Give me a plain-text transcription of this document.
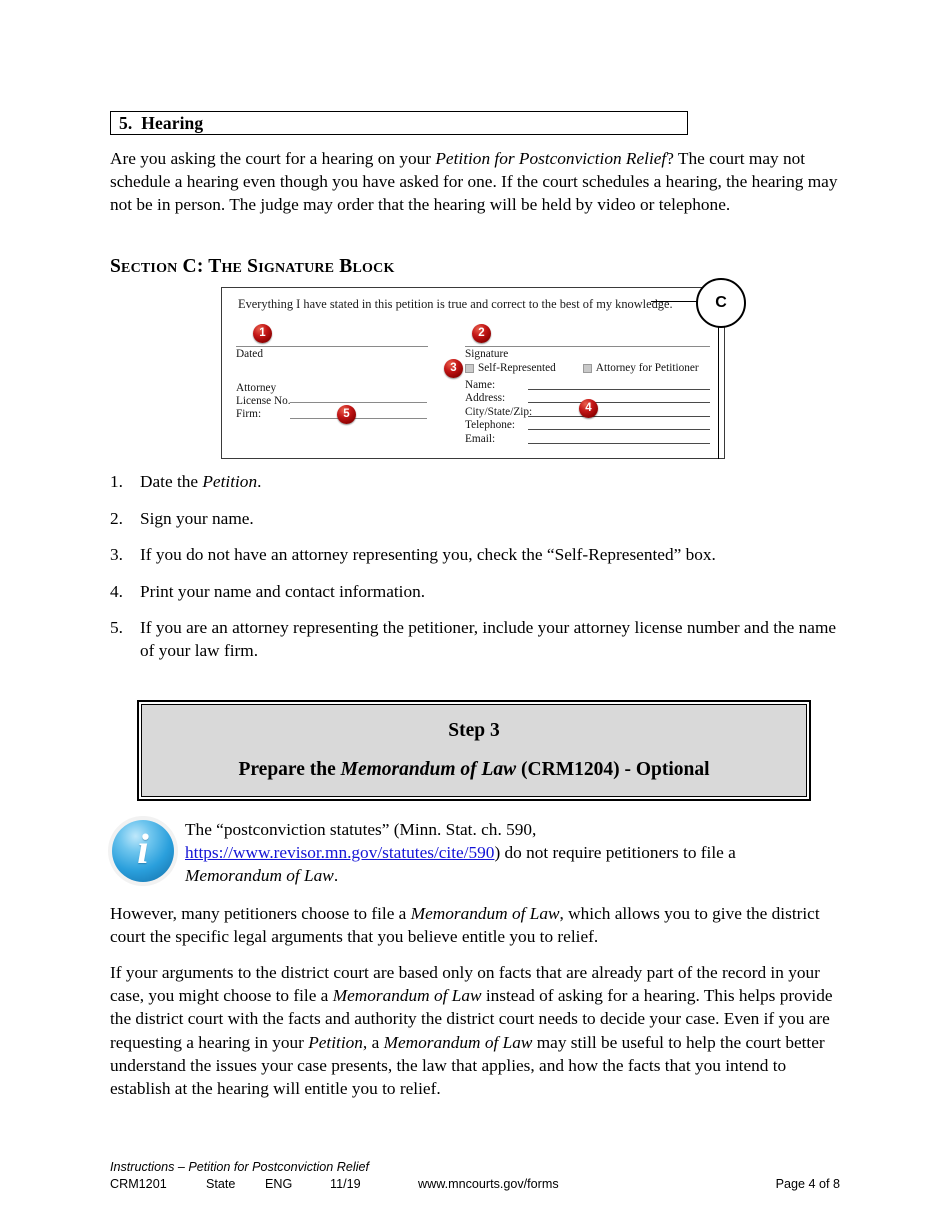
5.  Hearing
Are you asking the court for a hearing on your Petition for Postconviction Relief? The court may not schedule a hearing even though you have asked for one. If the court schedules a hearing, the hearing may not be in person. The judge may order that the hearing will be held by video or telephone.
Section C: The Signature Block
Everything I have stated in this petition is true and correct to the best of my knowledge.
1
Dated
Attorney
License No.
Firm:	5
2
Signature
3	Self-Represented	Attorney for Petitioner
Name:
Address:
City/State/Zip:
Telephone:
Email:
4
C
1. Date the Petition.
2. Sign your name.
3. If you do not have an attorney representing you, check the “Self-Represented” box.
4. Print your name and contact information.
5. If you are an attorney representing the petitioner, include your attorney license number and the name of your law firm.
Step 3
Prepare the Memorandum of Law (CRM1204) - Optional
i The “postconviction statutes” (Minn. Stat. ch. 590, https://www.revisor.mn.gov/statutes/cite/590) do not require petitioners to file a Memorandum of Law.
However, many petitioners choose to file a Memorandum of Law, which allows you to give the district court the specific legal arguments that you believe entitle you to relief.
If your arguments to the district court are based only on facts that are already part of the record in your case, you might choose to file a Memorandum of Law instead of asking for a hearing. This helps provide the district court with the facts and authority the district court needs to decide your case. Even if you are requesting a hearing in your Petition, a Memorandum of Law may still be useful to help the court better understand the issues your case presents, the law that applies, and how the facts that you intend to establish at the hearing will entitle you to relief.
Instructions – Petition for Postconviction Relief
CRM1201	State ENG	11/19	www.mncourts.gov/forms	Page 4 of 8
